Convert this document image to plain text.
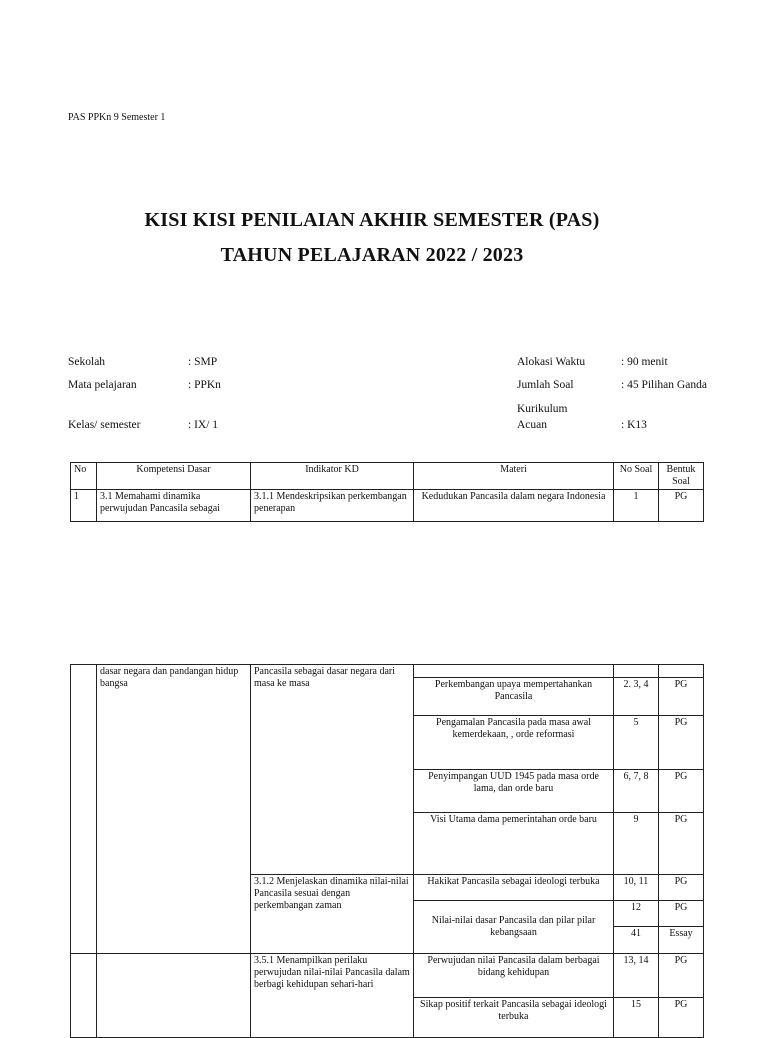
PAS PPKn 9 Semester 1
KISI KISI PENILAIAN AKHIR SEMESTER (PAS)
TAHUN PELAJARAN 2022 / 2023
Sekolah	: SMP
Mata pelajaran	: PPKn
Kelas/ semester	: IX/ 1
Alokasi Waktu	: 90 menit
Jumlah Soal	: 45 Pilihan Ganda
Kurikulum
Acuan	: K13
No	Kompetensi Dasar	Indikator KD	Materi	No Soal	Bentuk Soal
1	3.1 Memahami dinamika perwujudan Pancasila sebagai	3.1.1 Mendeskripsikan perkembangan penerapan	Kedudukan Pancasila dalam negara Indonesia	1	PG
	dasar negara dan pandangan hidup bangsa	Pancasila sebagai dasar negara dari masa ke masa			
			Perkembangan upaya mempertahankan Pancasila	2. 3, 4	PG
			Pengamalan Pancasila pada masa awal kemerdekaan, , orde reformasi	5	PG
			Penyimpangan UUD 1945 pada masa orde lama, dan orde baru	6, 7, 8	PG
			Visi Utama dama pemerintahan orde baru	9	PG
		3.1.2 Menjelaskan dinamika nilai-nilai Pancasila sesuai dengan perkembangan zaman	Hakikat Pancasila sebagai ideologi terbuka	10, 11	PG
			Nilai-nilai dasar Pancasila dan pilar pilar kebangsaan	12	PG
				41	Essay
		3.5.1 Menampilkan perilaku perwujudan nilai-nilai Pancasila dalam berbagi kehidupan sehari-hari	Perwujudan nilai Pancasila dalam berbagai bidang kehidupan	13, 14	PG
			Sikap positif terkait Pancasila sebagai ideologi terbuka	15	PG
